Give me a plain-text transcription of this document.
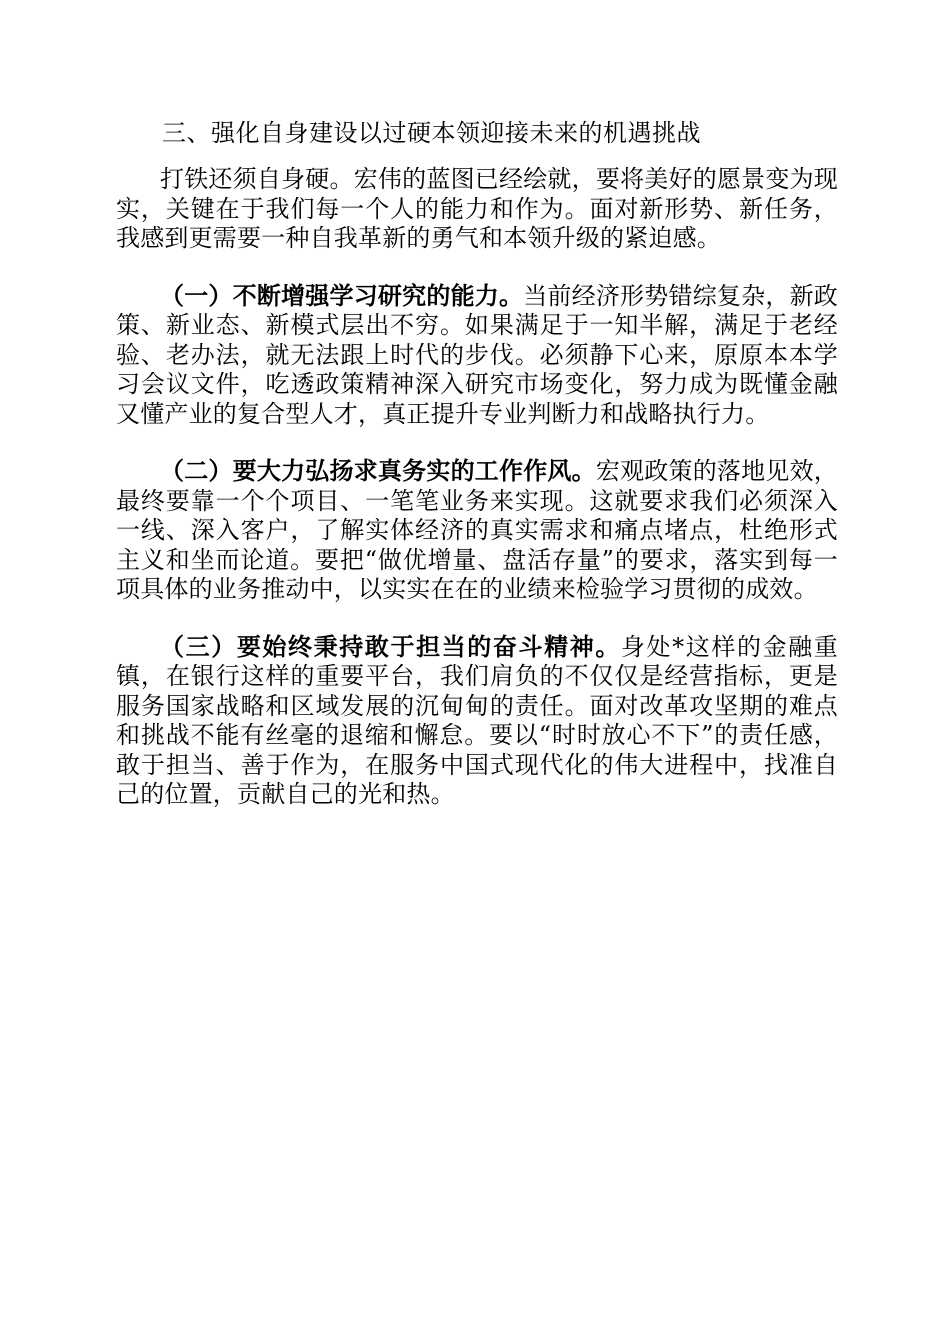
三、强化自身建设以过硬本领迎接未来的机遇挑战

打铁还须自身硬。宏伟的蓝图已经绘就，要将美好的愿景变为现实，关键在于我们每一个人的能力和作为。面对新形势、新任务，我感到更需要一种自我革新的勇气和本领升级的紧迫感。

（一）不断增强学习研究的能力。当前经济形势错综复杂，新政策、新业态、新模式层出不穷。如果满足于一知半解，满足于老经验、老办法，就无法跟上时代的步伐。必须静下心来，原原本本学习会议文件，吃透政策精神深入研究市场变化，努力成为既懂金融又懂产业的复合型人才，真正提升专业判断力和战略执行力。

（二）要大力弘扬求真务实的工作作风。宏观政策的落地见效，最终要靠一个个项目、一笔笔业务来实现。这就要求我们必须深入一线、深入客户，了解实体经济的真实需求和痛点堵点，杜绝形式主义和坐而论道。要把“做优增量、盘活存量”的要求，落实到每一项具体的业务推动中，以实实在在的业绩来检验学习贯彻的成效。

（三）要始终秉持敢于担当的奋斗精神。身处*这样的金融重镇，在银行这样的重要平台，我们肩负的不仅仅是经营指标，更是服务国家战略和区域发展的沉甸甸的责任。面对改革攻坚期的难点和挑战不能有丝毫的退缩和懈怠。要以“时时放心不下”的责任感，敢于担当、善于作为，在服务中国式现代化的伟大进程中，找准自己的位置，贡献自己的光和热。
